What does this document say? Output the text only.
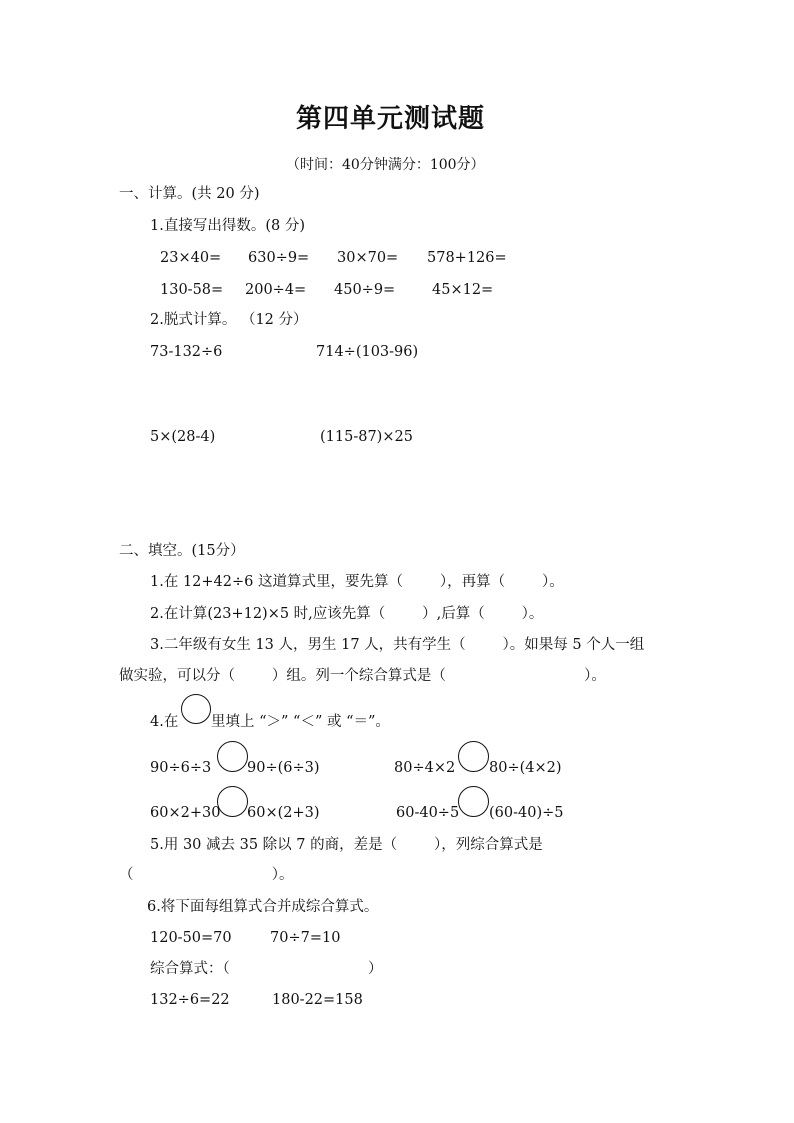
第四单元测试题
（时间：40分钟满分：100分）
一、计算。(共 20 分)
1.直接写出得数。(8 分)
23×40= 630÷9= 30×70= 578+126=
130-58= 200÷4= 450÷9=	45×12=
2.脱式计算。 （12 分）
73-132÷6	714÷(103-96)
5×(28-4)	(115-87)×25
二、填空。(15分）
1.在 12+42÷6 这道算式里，要先算（        ），再算（        ）。
2.在计算(23+12)×5 时,应该先算（        ）,后算（        ）。
3.二年级有女生 13 人，男生 17 人，共有学生（        ）。如果每 5 个人一组
做实验，可以分（        ）组。列一个综合算式是（                              ）。
4.在 里填上 “＞” “＜” 或 “＝”。
90÷6÷3 90÷(6÷3)	80÷4×2 80÷(4×2)
60×2+30 60×(2+3)	60-40÷5 (60-40)÷5
5.用 30 减去 35 除以 7 的商，差是（        ），列综合算式是
（                              ）。
6.将下面每组算式合并成综合算式。
120-50=70	70÷7=10
综合算式：（                              ）
132÷6=22	180-22=158
